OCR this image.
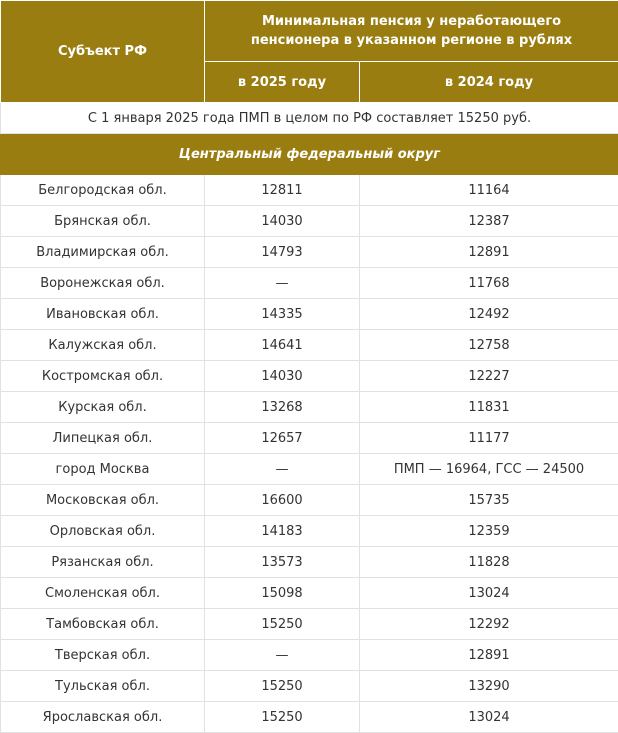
Субъект РФ	Минимальная пенсия у неработающего
пенсионера в указанном регионе в рублях	
	в 2025 году	в 2024 году
С 1 января 2025 года ПМП в целом по РФ составляет 15250 руб.		
Центральный федеральный округ		
Белгородская обл.	12811	11164
Брянская обл.	14030	12387
Владимирская обл.	14793	12891
Воронежская обл.	—	11768
Ивановская обл.	14335	12492
Калужская обл.	14641	12758
Костромская обл.	14030	12227
Курская обл.	13268	11831
Липецкая обл.	12657	11177
город Москва	—	ПМП — 16964, ГСС — 24500
Московская обл.	16600	15735
Орловская обл.	14183	12359
Рязанская обл.	13573	11828
Смоленская обл.	15098	13024
Тамбовская обл.	15250	12292
Тверская обл.	—	12891
Тульская обл.	15250	13290
Ярославская обл.	15250	13024
